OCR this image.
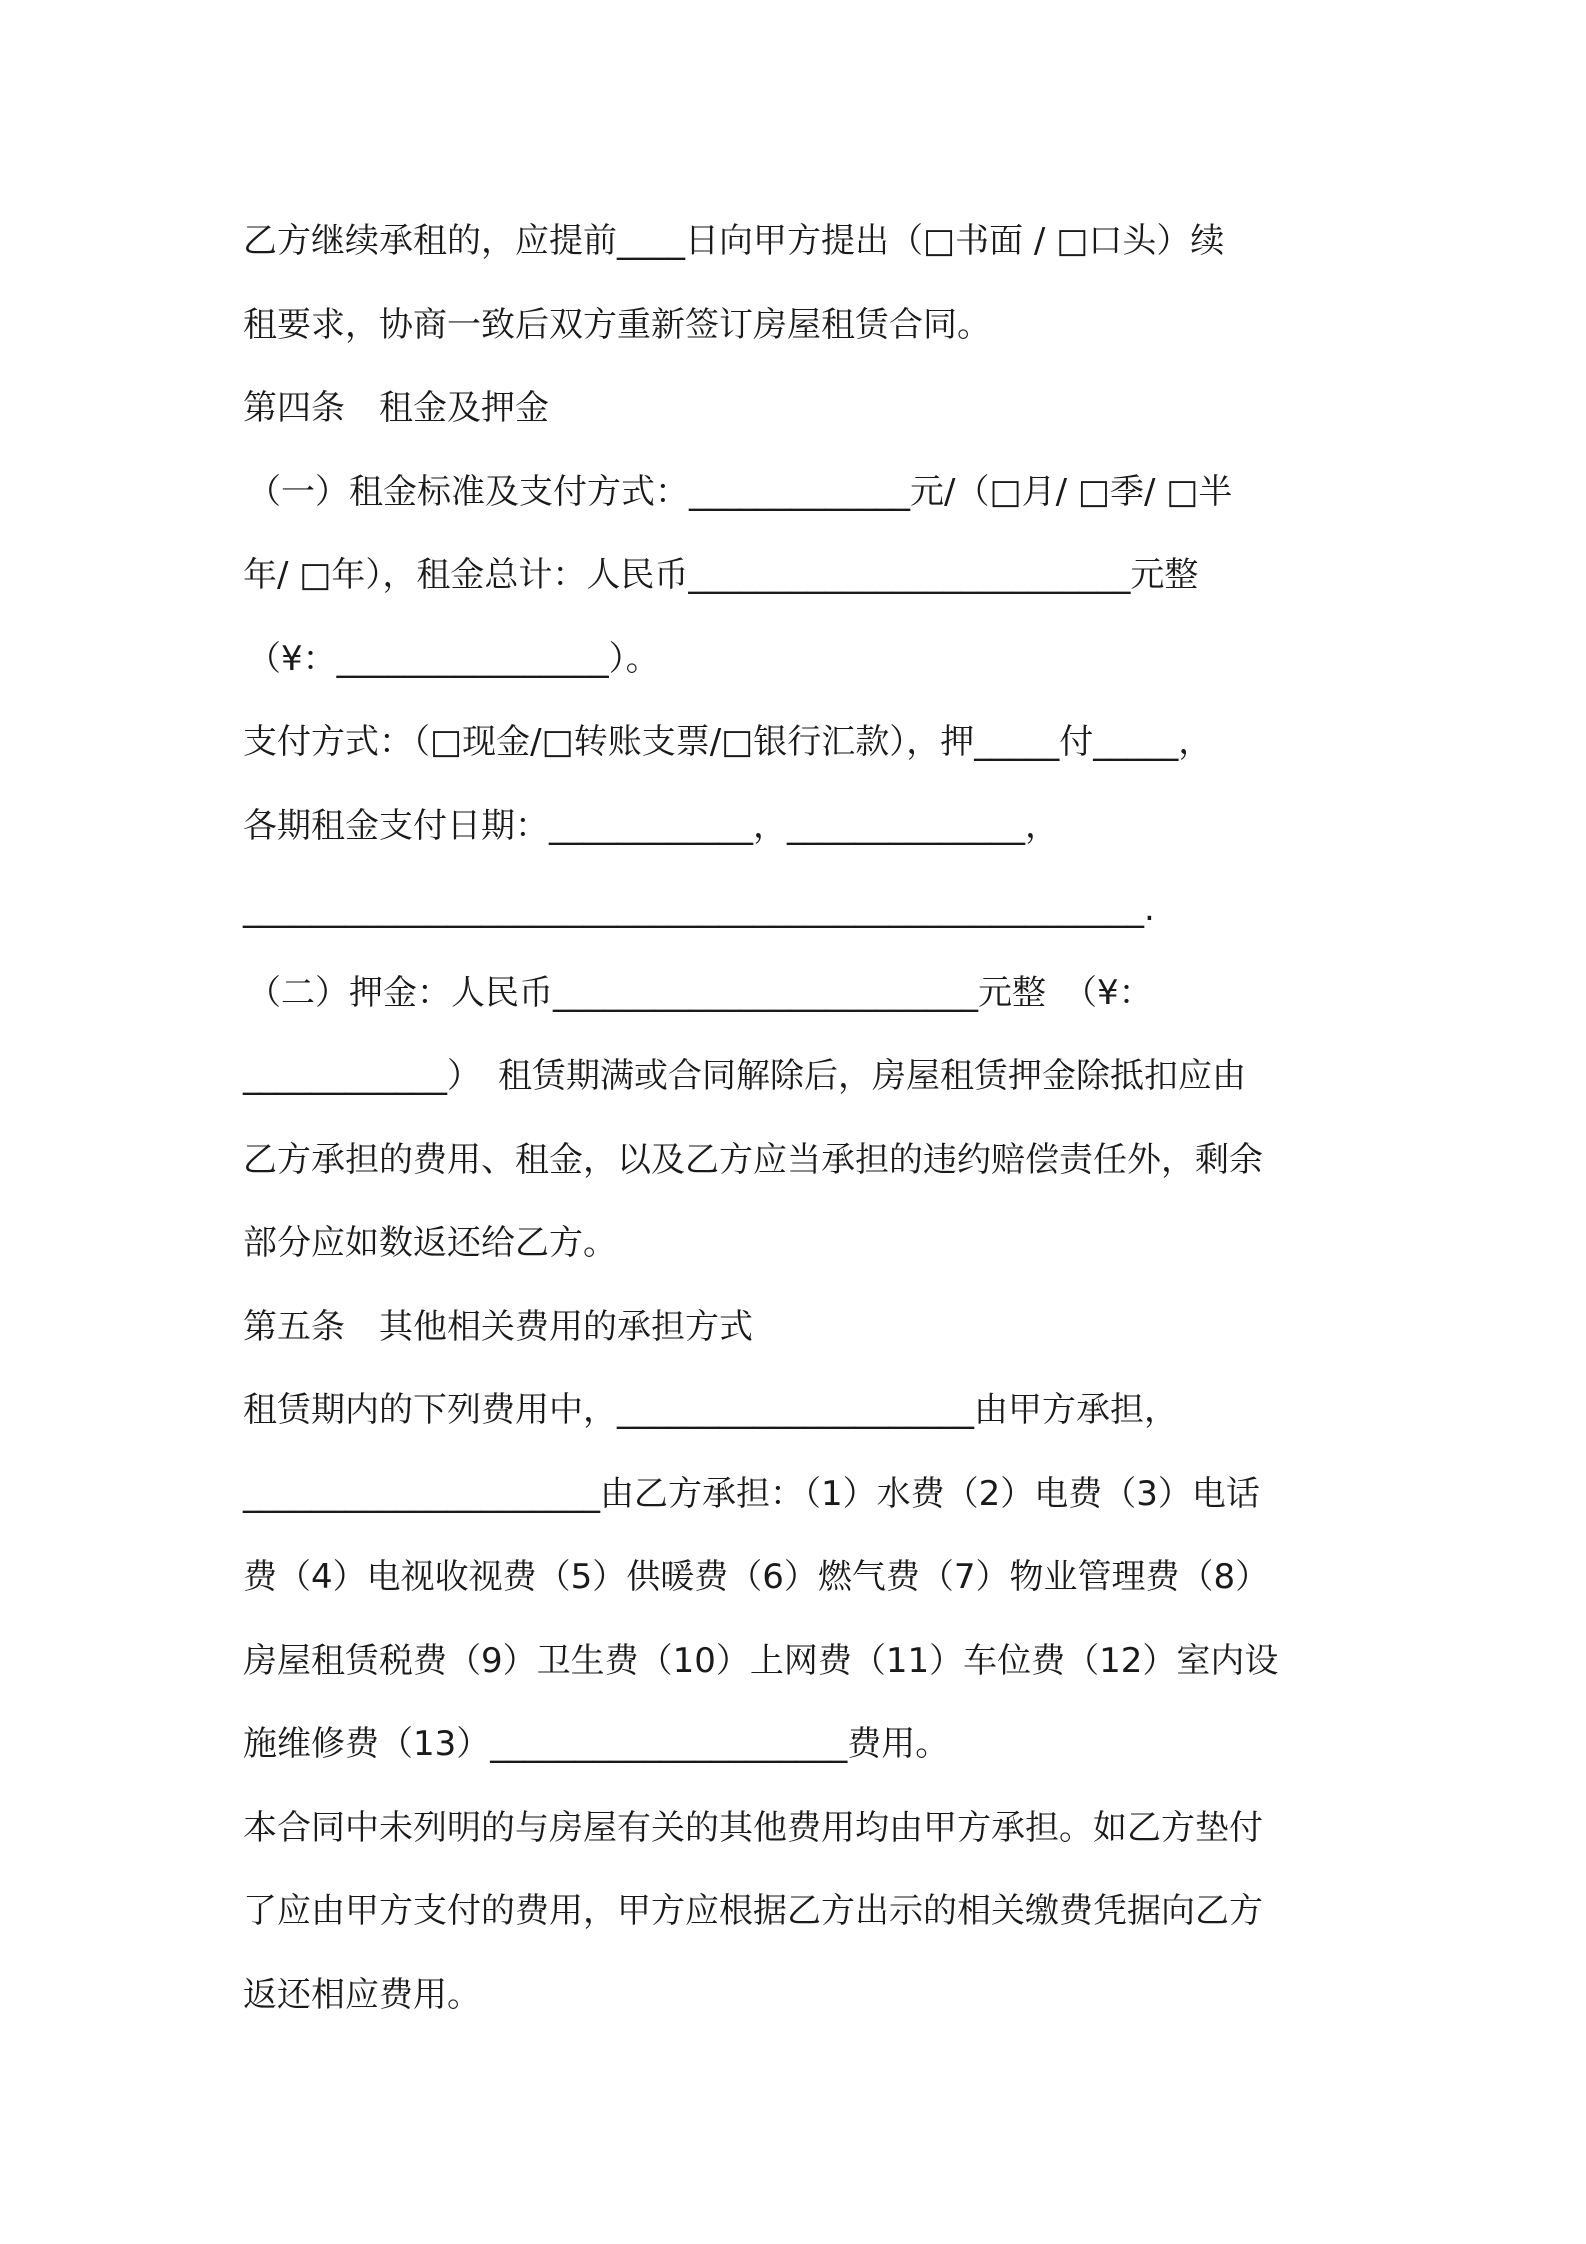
乙方继续承租的，应提前____日向甲方提出（□书面 / □口头）续
租要求，协商一致后双方重新签订房屋租赁合同。
第四条　租金及押金
（一）租金标准及支付方式：_____________元/（□月/ □季/ □半
年/ □年），租金总计：人民币__________________________元整
（¥：________________）。
支付方式：（□现金/□转账支票/□银行汇款），押_____付_____，
各期租金支付日期：____________，______________，
_____________________________________________________.
（二）押金：人民币_________________________元整　（¥：
____________）　租赁期满或合同解除后，房屋租赁押金除抵扣应由
乙方承担的费用、租金，以及乙方应当承担的违约赔偿责任外，剩余
部分应如数返还给乙方。
第五条　其他相关费用的承担方式
租赁期内的下列费用中，_____________________由甲方承担，
_____________________由乙方承担：（1）水费（2）电费（3）电话
费（4）电视收视费（5）供暖费（6）燃气费（7）物业管理费（8）
房屋租赁税费（9）卫生费（10）上网费（11）车位费（12）室内设
施维修费（13）_____________________费用。
本合同中未列明的与房屋有关的其他费用均由甲方承担。如乙方垫付
了应由甲方支付的费用，甲方应根据乙方出示的相关缴费凭据向乙方
返还相应费用。
